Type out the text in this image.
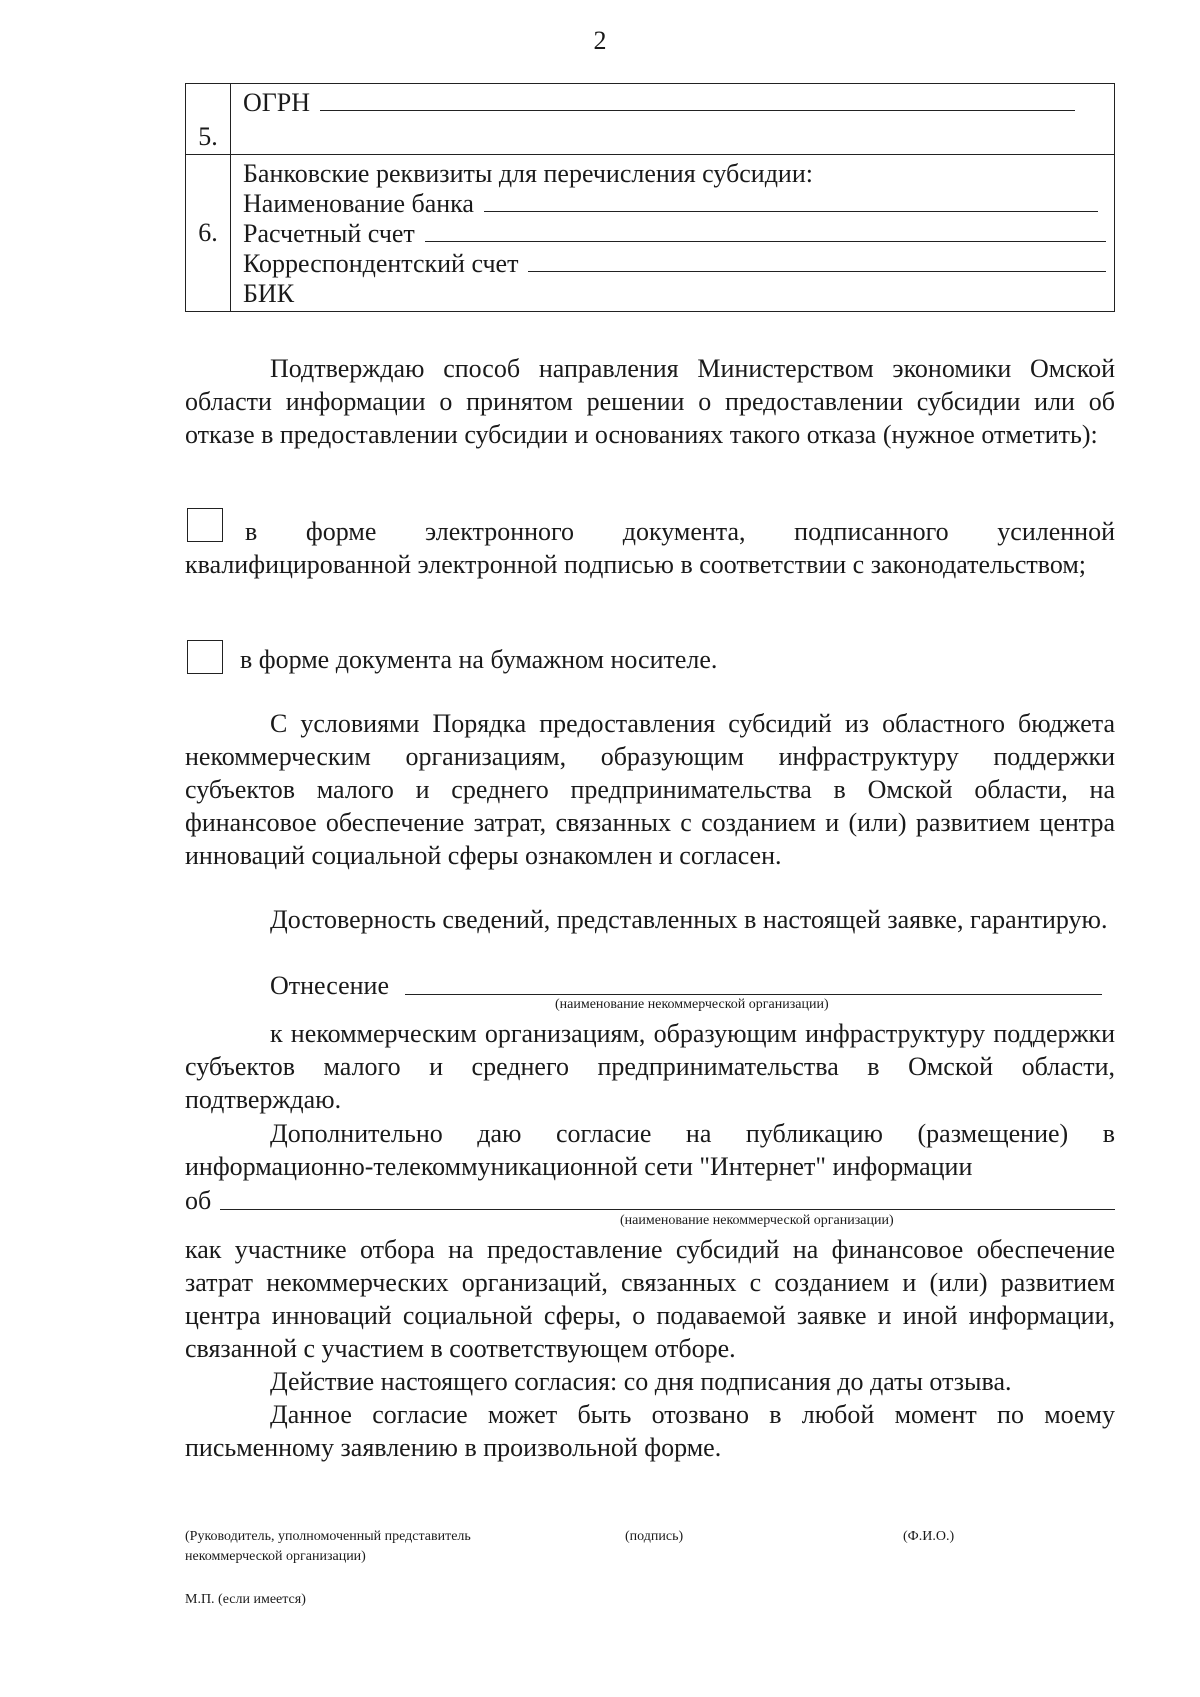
2
5.	ОГРН

6.	Банковские реквизиты для перечисления субсидии:
Наименование банка
Расчетный счет
Корреспондентский счет
БИК

Подтверждаю способ направления Министерством экономики Омской области информации о принятом решении о предоставлении субсидии или об отказе в предоставлении субсидии и основаниях такого отказа (нужное отметить):

в форме электронного документа, подписанного усиленной квалифицированной электронной подписью в соответствии с законодательством;

в форме документа на бумажном носителе.

С условиями Порядка предоставления субсидий из областного бюджета некоммерческим организациям, образующим инфраструктуру поддержки субъектов малого и среднего предпринимательства в Омской области, на финансовое обеспечение затрат, связанных с созданием и (или) развитием центра инноваций социальной сферы ознакомлен и согласен.

Достоверность сведений, представленных в настоящей заявке, гарантирую.

Отнесение
(наименование некоммерческой организации)

к некоммерческим организациям, образующим инфраструктуру поддержки субъектов малого и среднего предпринимательства в Омской области, подтверждаю.

Дополнительно даю согласие на публикацию (размещение) в информационно-телекоммуникационной сети "Интернет" информации

об
(наименование некоммерческой организации)

как участнике отбора на предоставление субсидий на финансовое обеспечение затрат некоммерческих организаций, связанных с созданием и (или) развитием центра инноваций социальной сферы, о подаваемой заявке и иной информации, связанной с участием в соответствующем отборе.

Действие настоящего согласия: со дня подписания до даты отзыва.

Данное согласие может быть отозвано в любой момент по моему письменному заявлению в произвольной форме.

(Руководитель, уполномоченный представитель некоммерческой организации)
(подпись)	(Ф.И.О.)
М.П. (если имеется)
